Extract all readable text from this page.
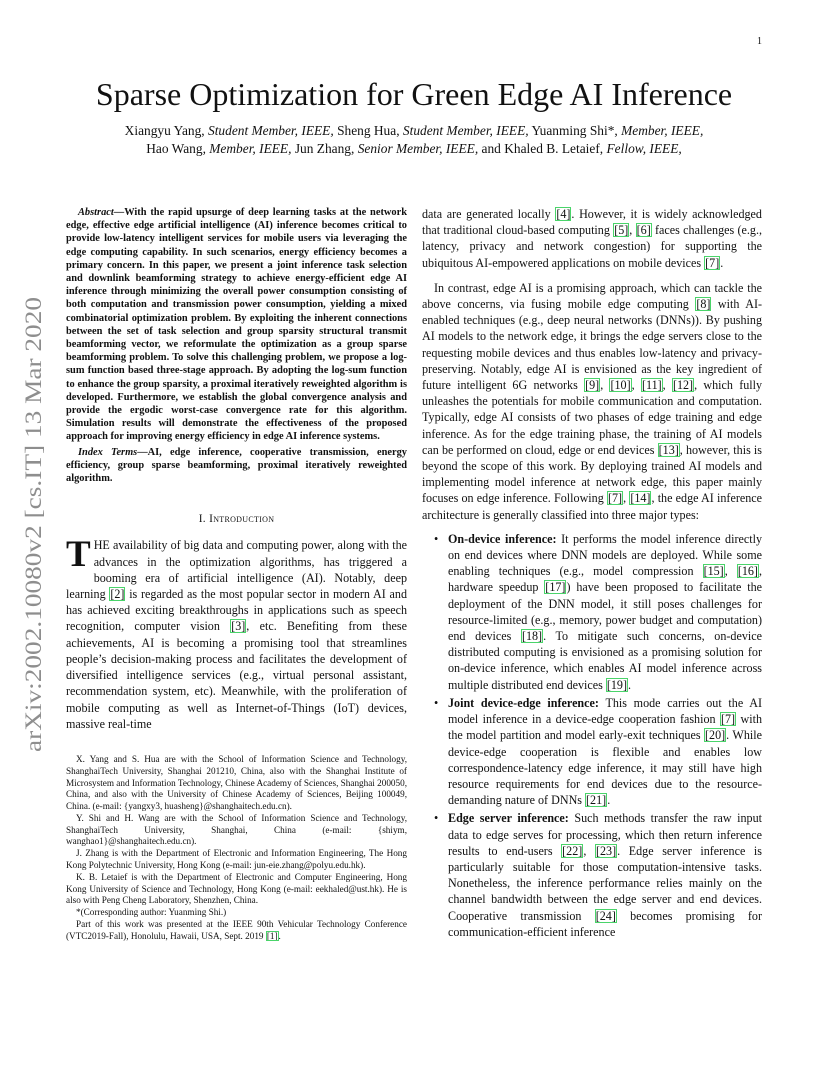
1
arXiv:2002.10080v2 [cs.IT] 13 Mar 2020
Sparse Optimization for Green Edge AI Inference
Xiangyu Yang, Student Member, IEEE, Sheng Hua, Student Member, IEEE, Yuanming Shi*, Member, IEEE,
Hao Wang, Member, IEEE, Jun Zhang, Senior Member, IEEE, and Khaled B. Letaief, Fellow, IEEE,

Abstract—With the rapid upsurge of deep learning tasks at the network edge, effective edge artificial intelligence (AI) inference becomes critical to provide low-latency intelligent services for mobile users via leveraging the edge computing capability. In such scenarios, energy efficiency becomes a primary concern. In this paper, we present a joint inference task selection and downlink beamforming strategy to achieve energy-efficient edge AI inference through minimizing the overall power consumption consisting of both computation and transmission power consumption, yielding a mixed combinatorial optimization problem. By exploiting the inherent connections between the set of task selection and group sparsity structural transmit beamforming vector, we reformulate the optimization as a group sparse beamforming problem. To solve this challenging problem, we propose a log-sum function based three-stage approach. By adopting the log-sum function to enhance the group sparsity, a proximal iteratively reweighted algorithm is developed. Furthermore, we establish the global convergence analysis and provide the ergodic worst-case convergence rate for this algorithm. Simulation results will demonstrate the effectiveness of the proposed approach for improving energy efficiency in edge AI inference systems.

Index Terms—AI, edge inference, cooperative transmission, energy efficiency, group sparse beamforming, proximal iteratively reweighted algorithm.

I. Introduction

THE availability of big data and computing power, along with the advances in the optimization algorithms, has triggered a booming era of artificial intelligence (AI). Notably, deep learning [2] is regarded as the most popular sector in modern AI and has achieved exciting breakthroughs in applications such as speech recognition, computer vision [3], etc. Benefiting from these achievements, AI is becoming a promising tool that streamlines people’s decision-making process and facilitates the development of diversified intelligence services (e.g., virtual personal assistant, recommendation system, etc). Meanwhile, with the proliferation of mobile computing as well as Internet-of-Things (IoT) devices, massive real-time

X. Yang and S. Hua are with the School of Information Science and Technology, ShanghaiTech University, Shanghai 201210, China, also with the Shanghai Institute of Microsystem and Information Technology, Chinese Academy of Sciences, Shanghai 200050, China, and also with the University of Chinese Academy of Sciences, Beijing 100049, China. (e-mail: {yangxy3, huasheng}@shanghaitech.edu.cn).

Y. Shi and H. Wang are with the School of Information Science and Technology, ShanghaiTech University, Shanghai, China (e-mail: {shiym, wanghao1}@shanghaitech.edu.cn).

J. Zhang is with the Department of Electronic and Information Engineering, The Hong Kong Polytechnic University, Hong Kong (e-mail: jun-eie.zhang@polyu.edu.hk).

K. B. Letaief is with the Department of Electronic and Computer Engineering, Hong Kong University of Science and Technology, Hong Kong (e-mail: eekhaled@ust.hk). He is also with Peng Cheng Laboratory, Shenzhen, China.

*(Corresponding author: Yuanming Shi.)

Part of this work was presented at the IEEE 90th Vehicular Technology Conference (VTC2019-Fall), Honolulu, Hawaii, USA, Sept. 2019 [1].

data are generated locally [4]. However, it is widely acknowledged that traditional cloud-based computing [5], [6] faces challenges (e.g., latency, privacy and network congestion) for supporting the ubiquitous AI-empowered applications on mobile devices [7].

In contrast, edge AI is a promising approach, which can tackle the above concerns, via fusing mobile edge computing [8] with AI-enabled techniques (e.g., deep neural networks (DNNs)). By pushing AI models to the network edge, it brings the edge servers close to the requesting mobile devices and thus enables low-latency and privacy-preserving. Notably, edge AI is envisioned as the key ingredient of future intelligent 6G networks [9], [10], [11], [12], which fully unleashes the potentials for mobile communication and computation. Typically, edge AI consists of two phases of edge training and edge inference. As for the edge training phase, the training of AI models can be performed on cloud, edge or end devices [13], however, this is beyond the scope of this work. By deploying trained AI models and implementing model inference at network edge, this paper mainly focuses on edge inference. Following [7], [14], the edge AI inference architecture is generally classified into three major types:

• On-device inference: It performs the model inference directly on end devices where DNN models are deployed. While some enabling techniques (e.g., model compression [15], [16], hardware speedup [17]) have been proposed to facilitate the deployment of the DNN model, it still poses challenges for resource-limited (e.g., memory, power budget and computation) end devices [18]. To mitigate such concerns, on-device distributed computing is envisioned as a promising solution for on-device inference, which enables AI model inference across multiple distributed end devices [19].
• Joint device-edge inference: This mode carries out the AI model inference in a device-edge cooperation fashion [7] with the model partition and model early-exit techniques [20]. While device-edge cooperation is flexible and enables low correspondence-latency edge inference, it may still have high resource requirements for end devices due to the resource-demanding nature of DNNs [21].
• Edge server inference: Such methods transfer the raw input data to edge serves for processing, which then return inference results to end-users [22], [23]. Edge server inference is particularly suitable for those computation-intensive tasks. Nonetheless, the inference performance relies mainly on the channel bandwidth between the edge server and end devices. Cooperative transmission [24] becomes promising for communication-efficient inference
